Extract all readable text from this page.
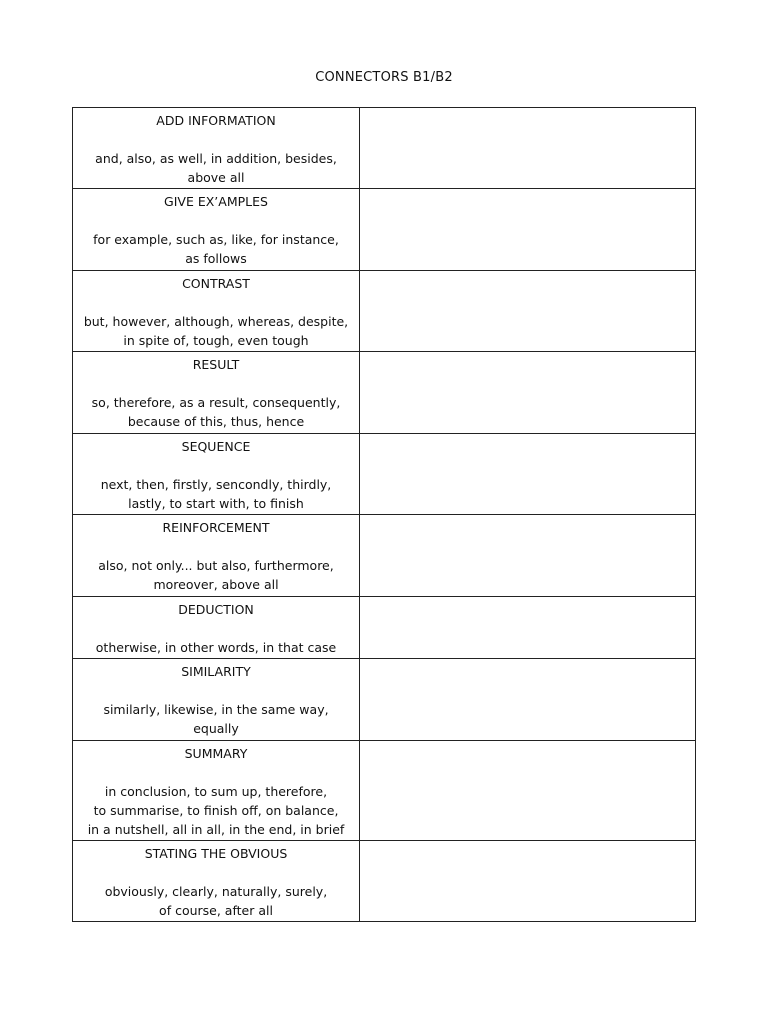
CONNECTORS B1/B2
ADD INFORMATION
and, also, as well, in addition, besides,
above all	

GIVE EX’AMPLES
for example, such as, like, for instance,
as follows	

CONTRAST
but, however, although, whereas, despite,
in spite of, tough, even tough	

RESULT
so, therefore, as a result, consequently,
because of this, thus, hence	

SEQUENCE
next, then, firstly, sencondly, thirdly,
lastly, to start with, to finish	

REINFORCEMENT
also, not only... but also, furthermore,
moreover, above all	

DEDUCTION
otherwise, in other words, in that case	

SIMILARITY
similarly, likewise, in the same way,
equally	

SUMMARY
in conclusion, to sum up, therefore,
to summarise, to finish off, on balance,
in a nutshell, all in all, in the end, in brief	

STATING THE OBVIOUS
obviously, clearly, naturally, surely,
of course, after all	
